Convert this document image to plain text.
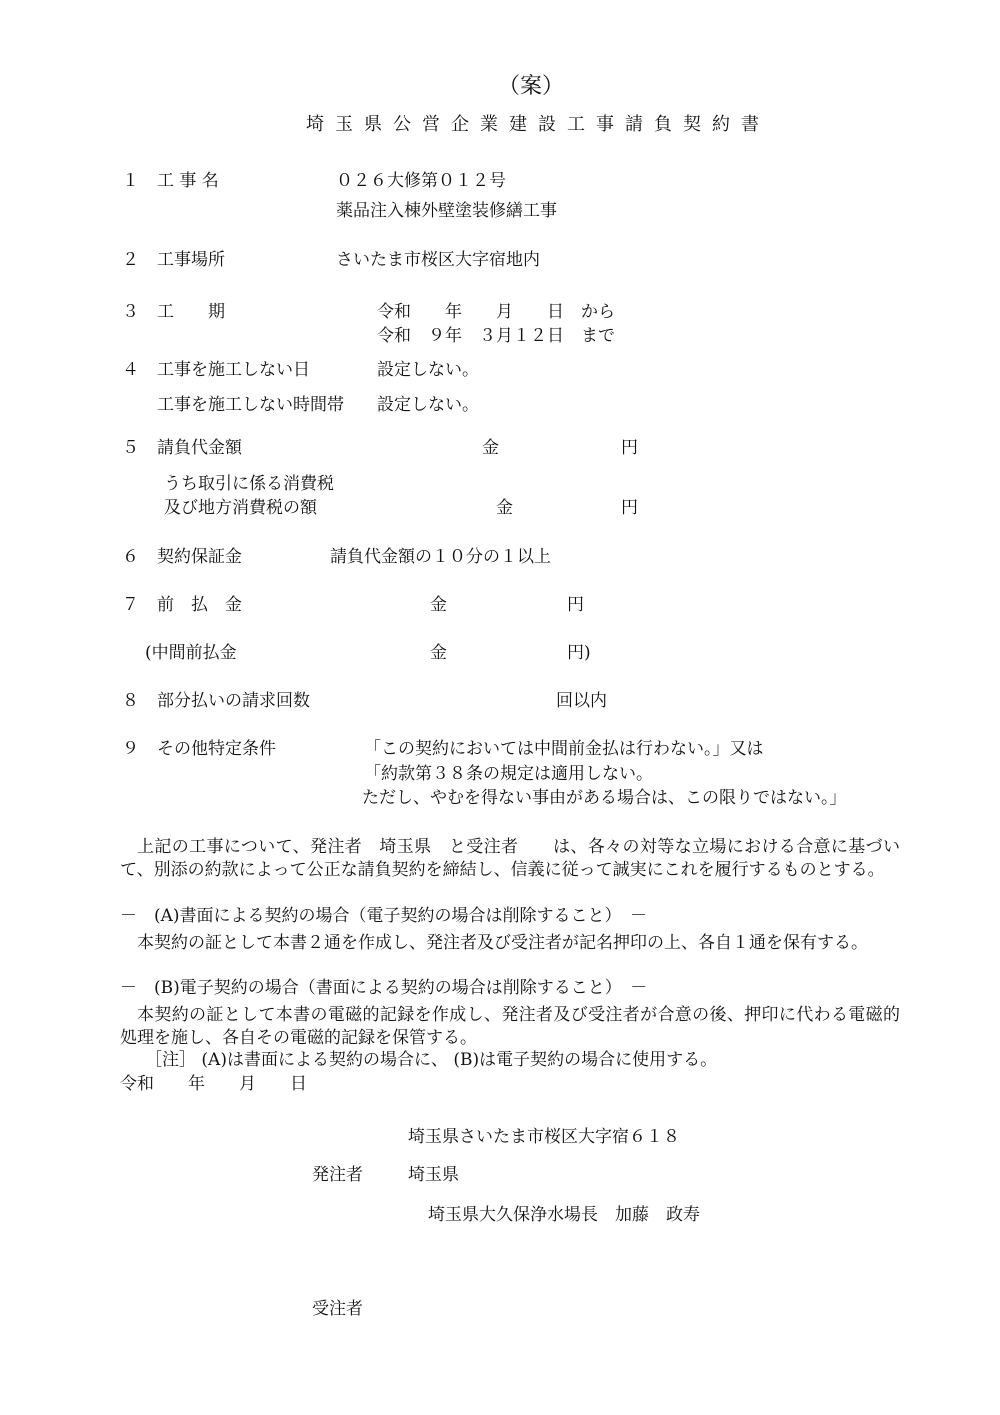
（案）
埼玉県公営企業建設工事請負契約書
１ 工 事 名	０２６大修第０１２号
薬品注入棟外壁塗装修繕工事
２ 工事場所	さいたま市桜区大字宿地内
３ 工　　期	令和　　年　　月　　日　から
令和　９年　３月１２日　まで
４ 工事を施工しない日	設定しない。
工事を施工しない時間帯 設定しない。
５ 請負代金額	金	円
うち取引に係る消費税
及び地方消費税の額	金	円
６ 契約保証金	請負代金額の１０分の１以上
７ 前　払　金	金	円
(中間前払金	金	円)
８ 部分払いの請求回数	回以内
９ その他特定条件	「この契約においては中間前金払は行わない。」又は
「約款第３８条の規定は適用しない。
ただし、やむを得ない事由がある場合は、この限りではない。」
上記の工事について、発注者　埼玉県　と受注者　　は、各々の対等な立場における合意に基づいて、別添の約款によって公正な請負契約を締結し、信義に従って誠実にこれを履行するものとする。
－　(A)書面による契約の場合（電子契約の場合は削除すること）　－
本契約の証として本書２通を作成し、発注者及び受注者が記名押印の上、各自１通を保有する。
－　(B)電子契約の場合（書面による契約の場合は削除すること）　－
本契約の証として本書の電磁的記録を作成し、発注者及び受注者が合意の後、押印に代わる電磁的処理を施し、各自その電磁的記録を保管する。
［注］ (A)は書面による契約の場合に、 (B)は電子契約の場合に使用する。
令和　　年　　月　　日
埼玉県さいたま市桜区大字宿６１８
発注者	埼玉県
埼玉県大久保浄水場長　加藤　政寿
受注者
